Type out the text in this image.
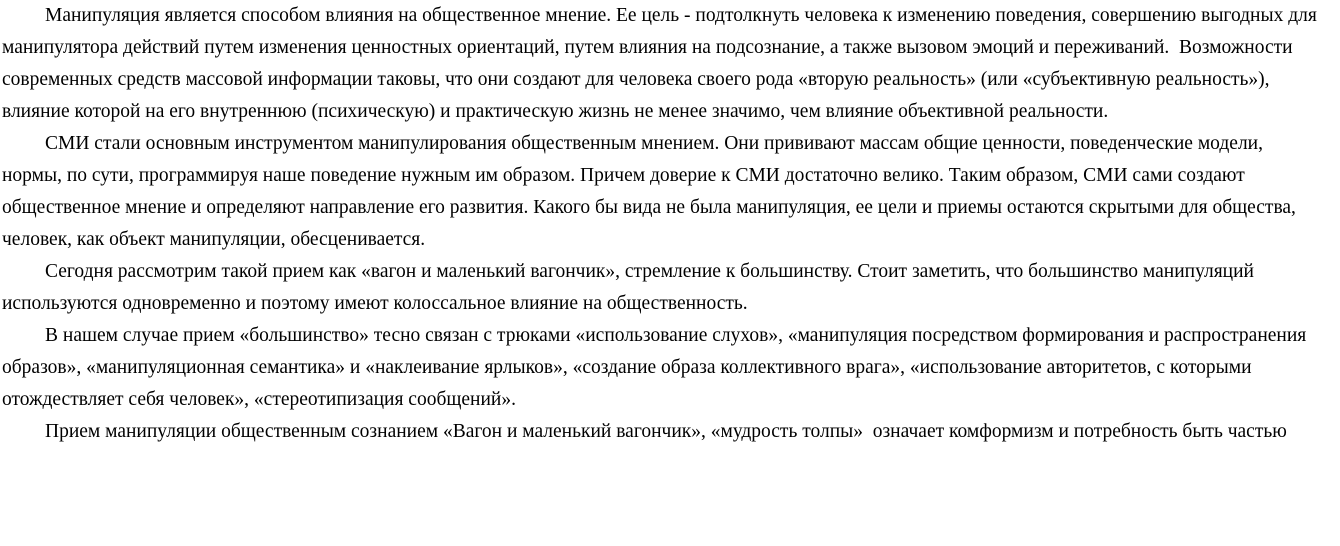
Манипуляция является способом влияния на общественное мнение. Ее цель - подтолкнуть человека к изменению поведения, совершению выгодных для
манипулятора действий путем изменения ценностных ориентаций, путем влияния на подсознание, а также вызовом эмоций и переживаний.  Возможности
современных средств массовой информации таковы, что они создают для человека своего рода «вторую реальность» (или «субъективную реальность»),
влияние которой на его внутреннюю (психическую) и практическую жизнь не менее значимо, чем влияние объективной реальности.
СМИ стали основным инструментом манипулирования общественным мнением. Они прививают массам общие ценности, поведенческие модели,
нормы, по сути, программируя наше поведение нужным им образом. Причем доверие к СМИ достаточно велико. Таким образом, СМИ сами создают
общественное мнение и определяют направление его развития. Какого бы вида не была манипуляция, ее цели и приемы остаются скрытыми для общества,
человек, как объект манипуляции, обесценивается.
Сегодня рассмотрим такой прием как «вагон и маленький вагончик», стремление к большинству. Стоит заметить, что большинство манипуляций
используются одновременно и поэтому имеют колоссальное влияние на общественность.
В нашем случае прием «большинство» тесно связан с трюками «использование слухов», «манипуляция посредством формирования и распространения
образов», «манипуляционная семантика» и «наклеивание ярлыков», «создание образа коллективного врага», «использование авторитетов, с которыми
отождествляет себя человек», «стереотипизация сообщений».
Прием манипуляции общественным сознанием «Вагон и маленький вагончик», «мудрость толпы»  означает комформизм и потребность быть частью
